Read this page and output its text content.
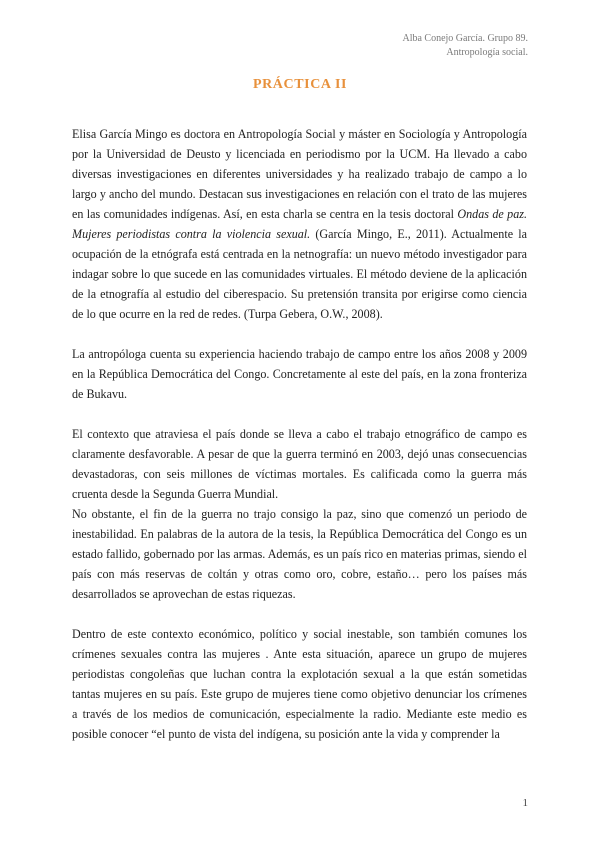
Alba Conejo García. Grupo 89.
Antropología social.
PRÁCTICA II

Elisa García Mingo es doctora en Antropología Social y máster en Sociología y Antropología por la Universidad de Deusto y licenciada en periodismo por la UCM. Ha llevado a cabo diversas investigaciones en diferentes universidades y ha realizado trabajo de campo a lo largo y ancho del mundo. Destacan sus investigaciones en relación con el trato de las mujeres en las comunidades indígenas. Así, en esta charla se centra en la tesis doctoral Ondas de paz. Mujeres periodistas contra la violencia sexual. (García Mingo, E., 2011). Actualmente la ocupación de la etnógrafa está centrada en la netnografía: un nuevo método investigador para indagar sobre lo que sucede en las comunidades virtuales. El método deviene de la aplicación de la etnografía al estudio del ciberespacio. Su pretensión transita por erigirse como ciencia de lo que ocurre en la red de redes. (Turpa Gebera, O.W., 2008).

La antropóloga cuenta su experiencia haciendo trabajo de campo entre los años 2008 y 2009 en la República Democrática del Congo. Concretamente al este del país, en la zona fronteriza de Bukavu.

El contexto que atraviesa el país donde se lleva a cabo el trabajo etnográfico de campo es claramente desfavorable. A pesar de que la guerra terminó en 2003, dejó unas consecuencias devastadoras, con seis millones de víctimas mortales. Es calificada como la guerra más cruenta desde la Segunda Guerra Mundial.

No obstante, el fin de la guerra no trajo consigo la paz, sino que comenzó un periodo de inestabilidad. En palabras de la autora de la tesis, la República Democrática del Congo es un estado fallido, gobernado por las armas. Además, es un país rico en materias primas, siendo el país con más reservas de coltán y otras como oro, cobre, estaño… pero los países más desarrollados se aprovechan de estas riquezas.

Dentro de este contexto económico, político y social inestable, son también comunes los crímenes sexuales contra las mujeres . Ante esta situación, aparece un grupo de mujeres periodistas congoleñas que luchan contra la explotación sexual a la que están sometidas tantas mujeres en su país. Este grupo de mujeres tiene como objetivo denunciar los crímenes a través de los medios de comunicación, especialmente la radio. Mediante este medio es posible conocer “el punto de vista del indígena, su posición ante la vida y comprender la

1
